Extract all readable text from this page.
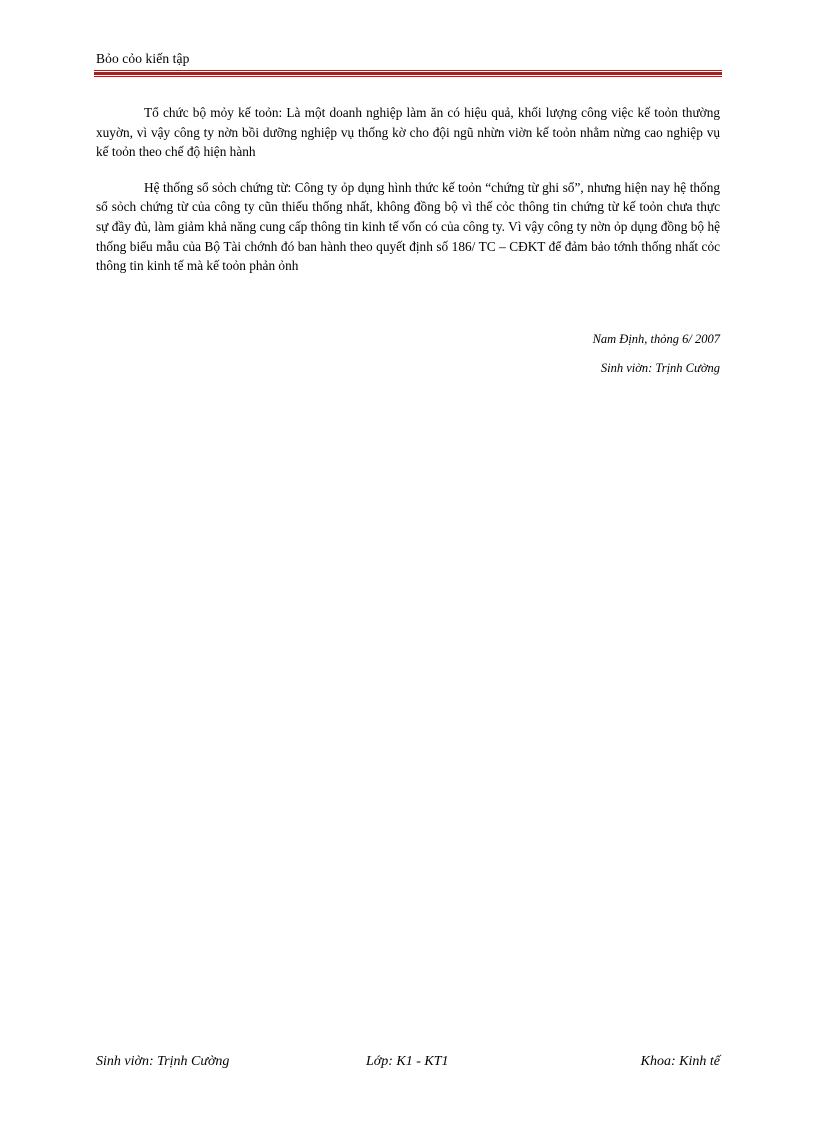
Bỏo cỏo kiến tập

Tổ chức bộ mỏy kế toỏn: Là một doanh nghiệp làm ăn có hiệu quả, khối lượng công việc kế toỏn thường xuyờn, vì vậy công ty nờn bồi dưỡng nghiệp vụ thống kờ cho đội ngũ nhừn viờn kế toỏn nhằm nừng cao nghiệp vụ kế toỏn theo chế độ hiện hành

Hệ thống sổ sỏch chứng từ: Công ty ỏp dụng hình thức kế toỏn “chứng từ ghi sổ”, nhưng hiện nay hệ thống sổ sỏch chứng từ của công ty cũn thiếu thống nhất, không đồng bộ vì thế cỏc thông tin chứng từ kế toỏn chưa thực sự đầy đủ, làm giảm khả năng cung cấp thông tin kinh tế vốn có của công ty. Vì vậy công ty nờn ỏp dụng đồng bộ hệ thống biểu mẫu của Bộ Tài chớnh đó ban hành theo quyết định số 186/ TC – CĐKT để đảm bảo tớnh thống nhất cỏc thông tin kinh tế mà kế toỏn phản ỏnh

Nam Định, thỏng 6/ 2007
Sinh viờn: Trịnh Cường
Sinh viờn: Trịnh Cường	Lớp: K1 - KT1	Khoa: Kinh tế
